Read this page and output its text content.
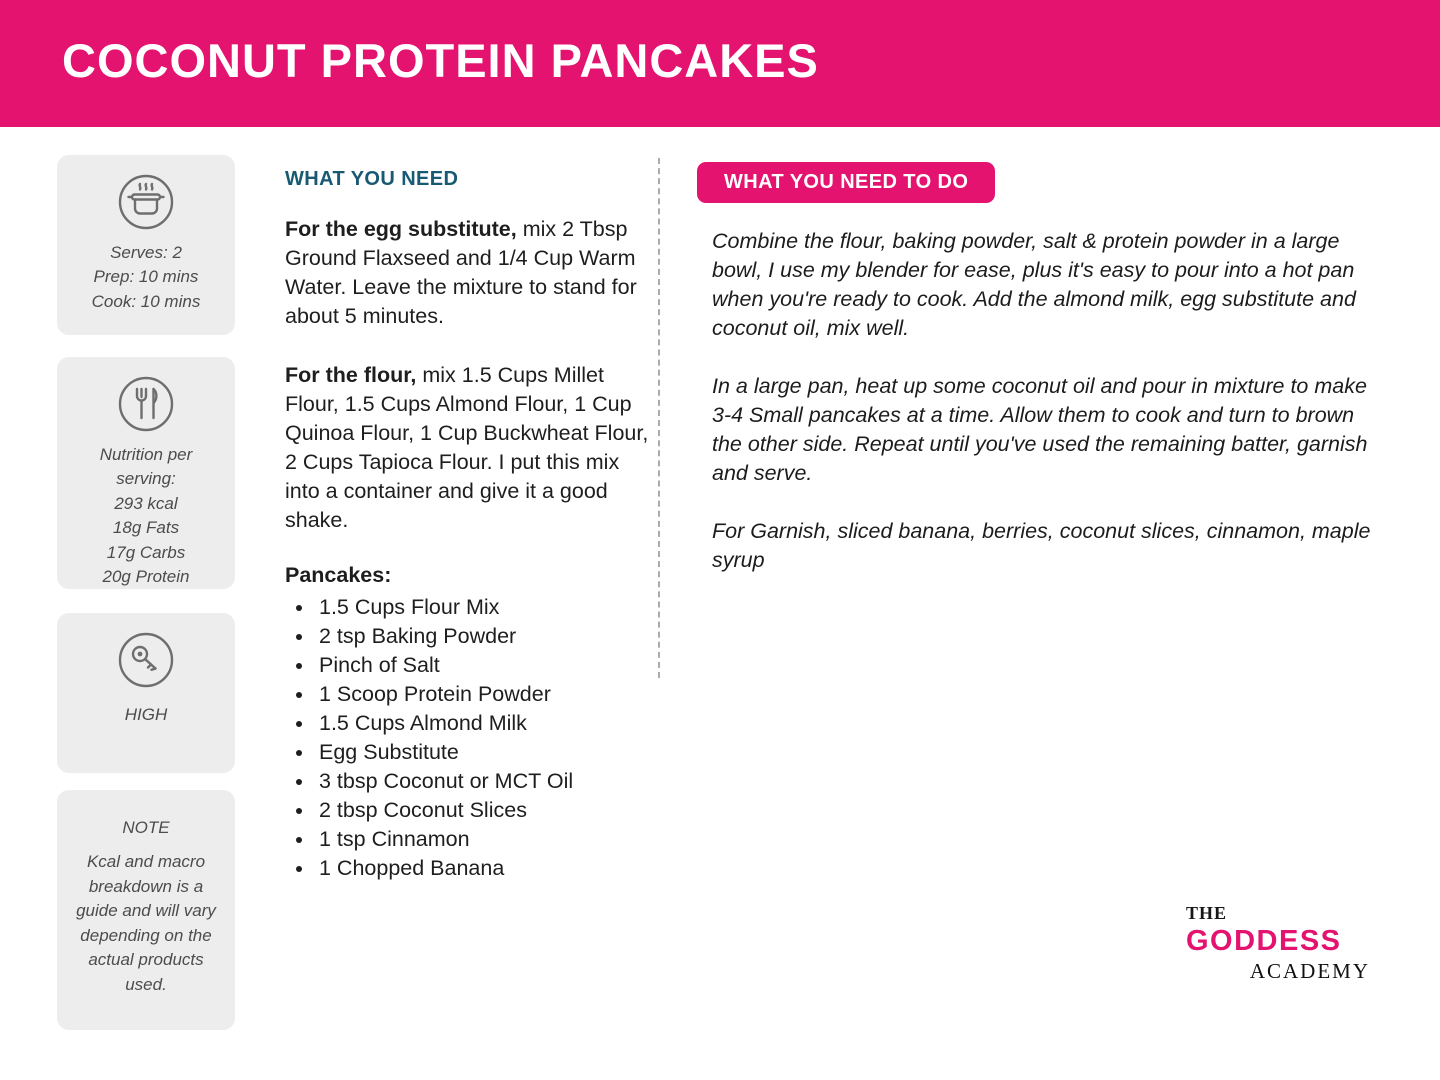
COCONUT PROTEIN PANCAKES
Serves: 2
Prep: 10 mins
Cook: 10 mins
Nutrition per serving:
293 kcal
18g Fats
17g Carbs
20g Protein
HIGH
NOTE
Kcal and macro breakdown is a guide and will vary depending on the actual products used.
WHAT YOU NEED

For the egg substitute, mix 2 Tbsp Ground Flaxseed and 1/4 Cup Warm Water. Leave the mixture to stand for about 5 minutes.

For the flour, mix 1.5 Cups Millet Flour, 1.5 Cups Almond Flour, 1 Cup Quinoa Flour, 1 Cup Buckwheat Flour, 2 Cups Tapioca Flour. I put this mix into a container and give it a good shake.

Pancakes:
• 1.5 Cups Flour Mix
• 2 tsp Baking Powder
• Pinch of Salt
• 1 Scoop Protein Powder
• 1.5 Cups Almond Milk
• Egg Substitute
• 3 tbsp Coconut or MCT Oil
• 2 tbsp Coconut Slices
• 1 tsp Cinnamon
• 1 Chopped Banana
WHAT YOU NEED TO DO

Combine the flour, baking powder, salt & protein powder in a large bowl, I use my blender for ease, plus it's easy to pour into a hot pan when you're ready to cook. Add the almond milk, egg substitute and coconut oil, mix well.

In a large pan, heat up some coconut oil and pour in mixture to make 3-4 Small pancakes at a time. Allow them to cook and turn to brown the other side. Repeat until you've used the remaining batter, garnish and serve.

For Garnish, sliced banana, berries, coconut slices, cinnamon, maple syrup

THE
GODDESS
ACADEMY
